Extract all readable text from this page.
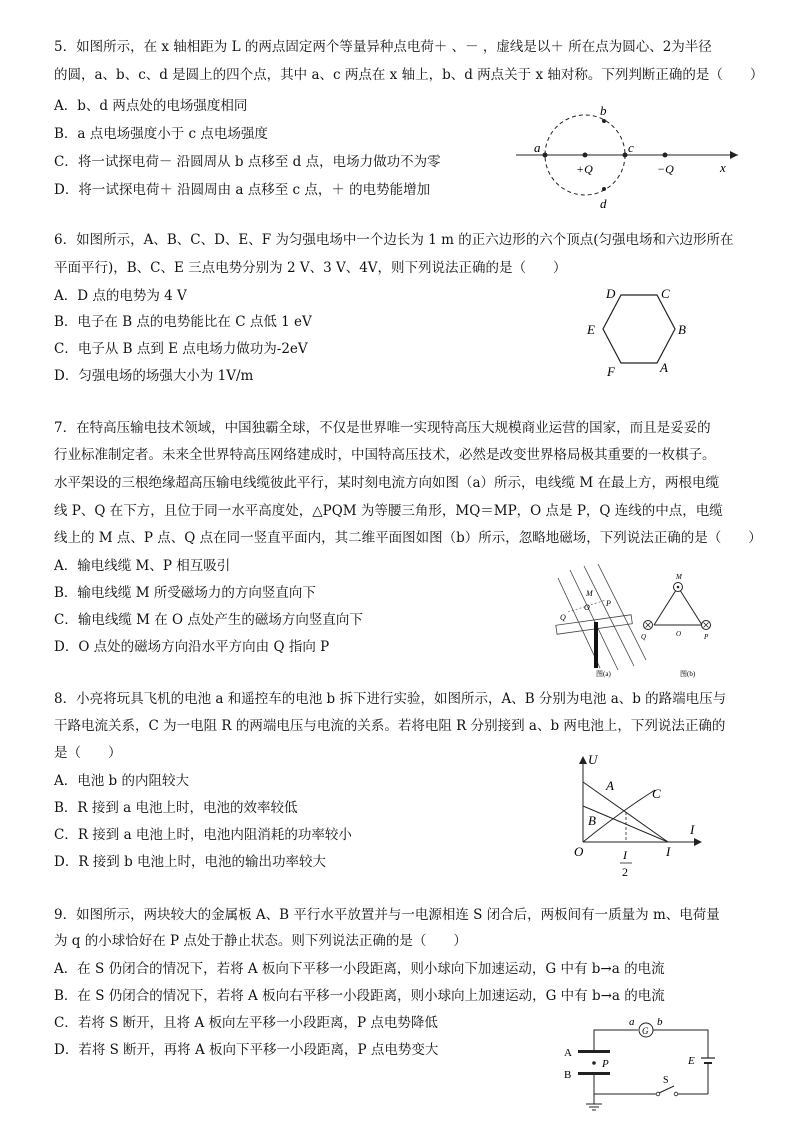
5．如图所示，在 x 轴相距为 L 的两点固定两个等量异种点电荷＋ 、－ ，虚线是以＋ 所在点为圆心、2为半径
的圆，a、b、c、d 是圆上的四个点，其中 a、c 两点在 x 轴上，b、d 两点关于 x 轴对称。下列判断正确的是（　　）
A．b、d 两点处的电场强度相同
B．a 点电场强度小于 c 点电场强度
C．将一试探电荷－ 沿圆周从 b 点移至 d 点，电场力做功不为零
D．将一试探电荷＋ 沿圆周由 a 点移至 c 点，＋ 的电势能增加
a
b
c
d
+Q	−Q	x
6．如图所示，A、B、C、D、E、F 为匀强电场中一个边长为 1 m 的正六边形的六个顶点(匀强电场和六边形所在
平面平行)，B、C、E 三点电势分别为 2 V、3 V、4V，则下列说法正确的是（　　）
A．D 点的电势为 4 V
B．电子在 B 点的电势能比在 C 点低 1 eV
C．电子从 B 点到 E 点电场力做功为-2eV
D．匀强电场的场强大小为 1V/m
D	C
E	B
F	A
7．在特高压输电技术领域，中国独霸全球，不仅是世界唯一实现特高压大规模商业运营的国家，而且是妥妥的
行业标准制定者。未来全世界特高压网络建成时，中国特高压技术，必然是改变世界格局极其重要的一枚棋子。
水平架设的三根绝缘超高压输电线缆彼此平行，某时刻电流方向如图（a）所示，电线缆 M 在最上方，两根电缆
线 P、Q 在下方，且位于同一水平高度处，△PQM 为等腰三角形，MQ＝MP，O 点是 P，Q 连线的中点，电缆
线上的 M 点、P 点、Q 点在同一竖直平面内，其二维平面图如图（b）所示，忽略地磁场，下列说法正确的是（　　）
A．输电线缆 M、P 相互吸引
B．输电线缆 M 所受磁场力的方向竖直向下
C．输电线缆 M 在 O 点处产生的磁场方向竖直向下
D．O 点处的磁场方向沿水平方向由 Q 指向 P
M
Q
O P
图(a)
M
Q	O	P
图(b)
8．小亮将玩具飞机的电池 a 和遥控车的电池 b 拆下进行实验，如图所示，A、B 分别为电池 a、b 的路端电压与
干路电流关系，C 为一电阻 R 的两端电压与电流的关系。若将电阻 R 分别接到 a、b 两电池上，下列说法正确的
是（　　）
A．电池 b 的内阻较大
B．R 接到 a 电池上时，电池的效率较低
C．R 接到 a 电池上时，电池内阻消耗的功率较小
D．R 接到 b 电池上时，电池的输出功率较大
U
I
O
A
B
C
I
I
2
9．如图所示，两块较大的金属板 A、B 平行水平放置并与一电源相连 S 闭合后，两板间有一质量为 m、电荷量
为 q 的小球恰好在 P 点处于静止状态。则下列说法正确的是（　　）
A．在 S 仍闭合的情况下，若将 A 板向下平移一小段距离，则小球向下加速运动，G 中有 b→a 的电流
B．在 S 仍闭合的情况下，若将 A 板向右平移一小段距离，则小球向上加速运动，G 中有 b→a 的电流
C．若将 S 断开，且将 A 板向左平移一小段距离，P 点电势降低
D．若将 S 断开，再将 A 板向下平移一小段距离，P 点电势变大
G
a b
A
B
P	E
S
